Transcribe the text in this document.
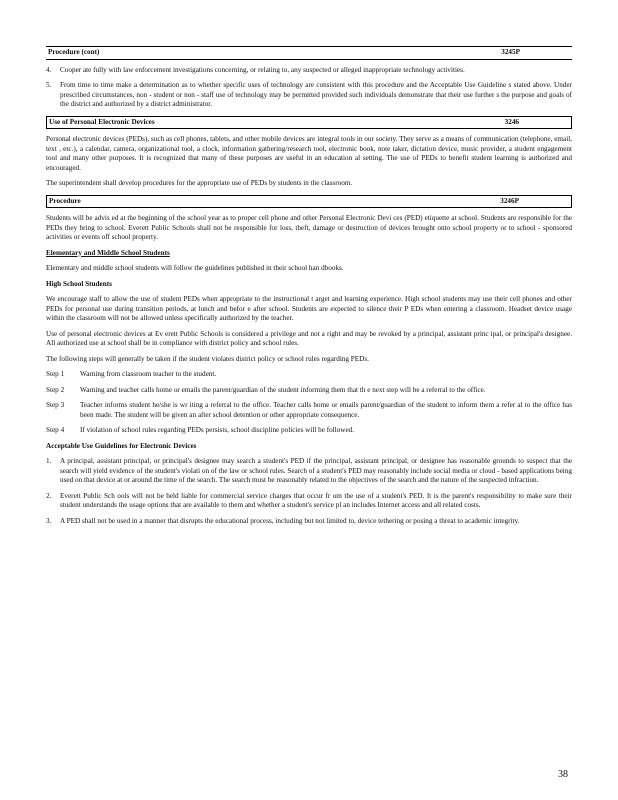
Procedure (cont)	3245P
4.	Cooper ate fully with law enforcement investigations concerning, or relating to, any suspected or alleged inappropriate technology activities.
5.	From time to time make a determination as to whether specific uses of technology are consistent with this procedure and the Acceptable Use Guideline s stated above. Under prescribed circumstances, non - student or non - staff use of technology may be permitted provided such individuals demonstrate that their use further s the purpose and goals of the district and authorized by a district administrator.
Use of Personal Electronic Devices	3246

Personal electronic devices (PEDs), such as cell phones, tablets, and other mobile devices are integral tools in our society. They serve as a means of communication (telephone, email, text , etc.), a calendar, camera, organizational tool, a clock, information gathering/research tool, electronic book, note taker, dictation device, music provider, a student engagement tool and many other purposes. It is recognized that many of these purposes are useful in an education al setting. The use of PEDs to benefit student learning is authorized and encouraged.

The superintendent shall develop procedures for the appropriate use of PEDs by students in the classroom.

Procedure	3246P

Students will be advis ed at the beginning of the school year as to proper cell phone and other Personal Electronic Devi ces (PED) etiquette at school. Students are responsible for the PEDs they bring to school. Everett Public Schools shall not be responsible for loss, theft, damage or destruction of devices brought onto school property or to school - sponsored activities or events off school property.

Elementary and Middle School Students

Elementary and middle school students will follow the guidelines published in their school han dbooks.

High School Students

We encourage staff to allow the use of student PEDs when appropriate to the instructional t arget and learning experience. High school students may use their cell phones and other PEDs for personal use during transition periods, at lunch and befor e after school. Students are expected to silence their P EDs when entering a classroom. Headset device usage within the classroom will not be allowed unless specifically authorized by the teacher.

Use of personal electronic devices at Ev erett Public Schools is considered a privilege and not a right and may be revoked by a principal, assistant princ ipal, or principal's designee. All authorized use at school shall be in compliance with district policy and school rules.

The following steps will generally be taken if the student violates district policy or school rules regarding PEDs.

Step 1	Warning from classroom teacher to the student.
Step 2	Warning and teacher calls home or emails the parent/guardian of the student informing them that th e next step will be a referral to the office.
Step 3	Teacher informs student he/she is wr iting a referral to the office. Teacher calls home or emails parent/guardian of the student to inform them a refer al to the office has been made. The student will be given an after school detention or other appropriate consequence.
Step 4	If violation of school rules regarding PEDs persists, school discipline policies will be followed.
Acceptable Use Guidelines for Electronic Devices
1.	A principal, assistant principal, or principal's designee may search a student's PED if the principal, assistant principal, or designee has reasonable grounds to suspect that the search will yield evidence of the student's violati on of the law or school rules. Search of a student's PED may reasonably include social media or cloud - based applications being used on that device at or around the time of the search. The search must be reasonably related to the objectives of the search and the nature of the suspected infraction.
2.	Everett Public Sch ools will not be held liable for commercial service charges that occur fr om the use of a student's PED. It is the parent's responsibility to make sure their student understands the usage options that are available to them and whether a student's service pl an includes Internet access and all related costs.
3.	A PED shall not be used in a manner that disrupts the educational process, including but not limited to, device tethering or posing a threat to academic integrity.
38
